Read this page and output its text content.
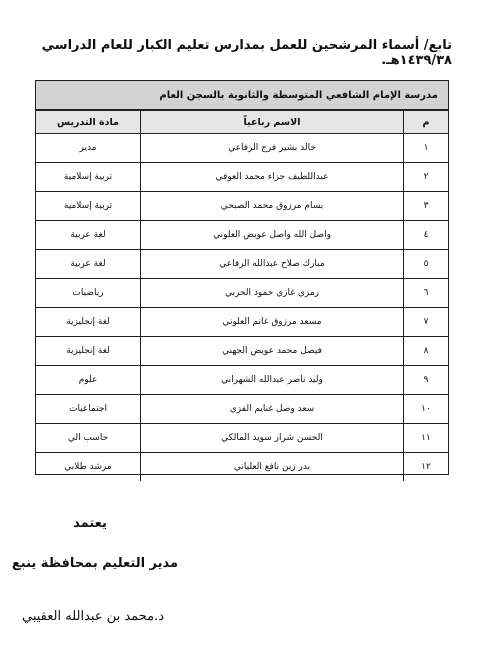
تابع/ أسماء المرشحين للعمل بمدارس تعليم الكبار للعام الدراسي ١٤٣٩/٣٨هـ.
مدرسة الإمام الشافعي المتوسطة والثانوية بالسجن العام
م	الاسم رباعياً	مادة التدريس
١	خالد بشير فرج الرفاعي	مدير
٢	عبداللطيف جزاء محمد العوفي	تربية إسلامية
٣	بسام مرزوق محمد الصبحي	تربية إسلامية
٤	واصل الله واصل عويض العلوني	لغة عربية
٥	مبارك صلاح عبدالله الرفاعي	لغة عربية
٦	رمزي غازي حمود الحربي	رياضيات
٧	مسعد مرزوق غانم العلوني	لغة إنجليزية
٨	فيصل محمد عويض الجهني	لغة إنجليزية
٩	وليد ناصر عبدالله الشهراني	علوم
١٠	سعد وصل غنايم الفزي	اجتماعيات
١١	الحسن شراز سويد المالكي	حاسب الي
١٢	بدر زين نافع العلياني	مرشد طلابي
يعتمد
مدير التعليم بمحافظة ينبع
د.محمد بن عبدالله العقيبي
